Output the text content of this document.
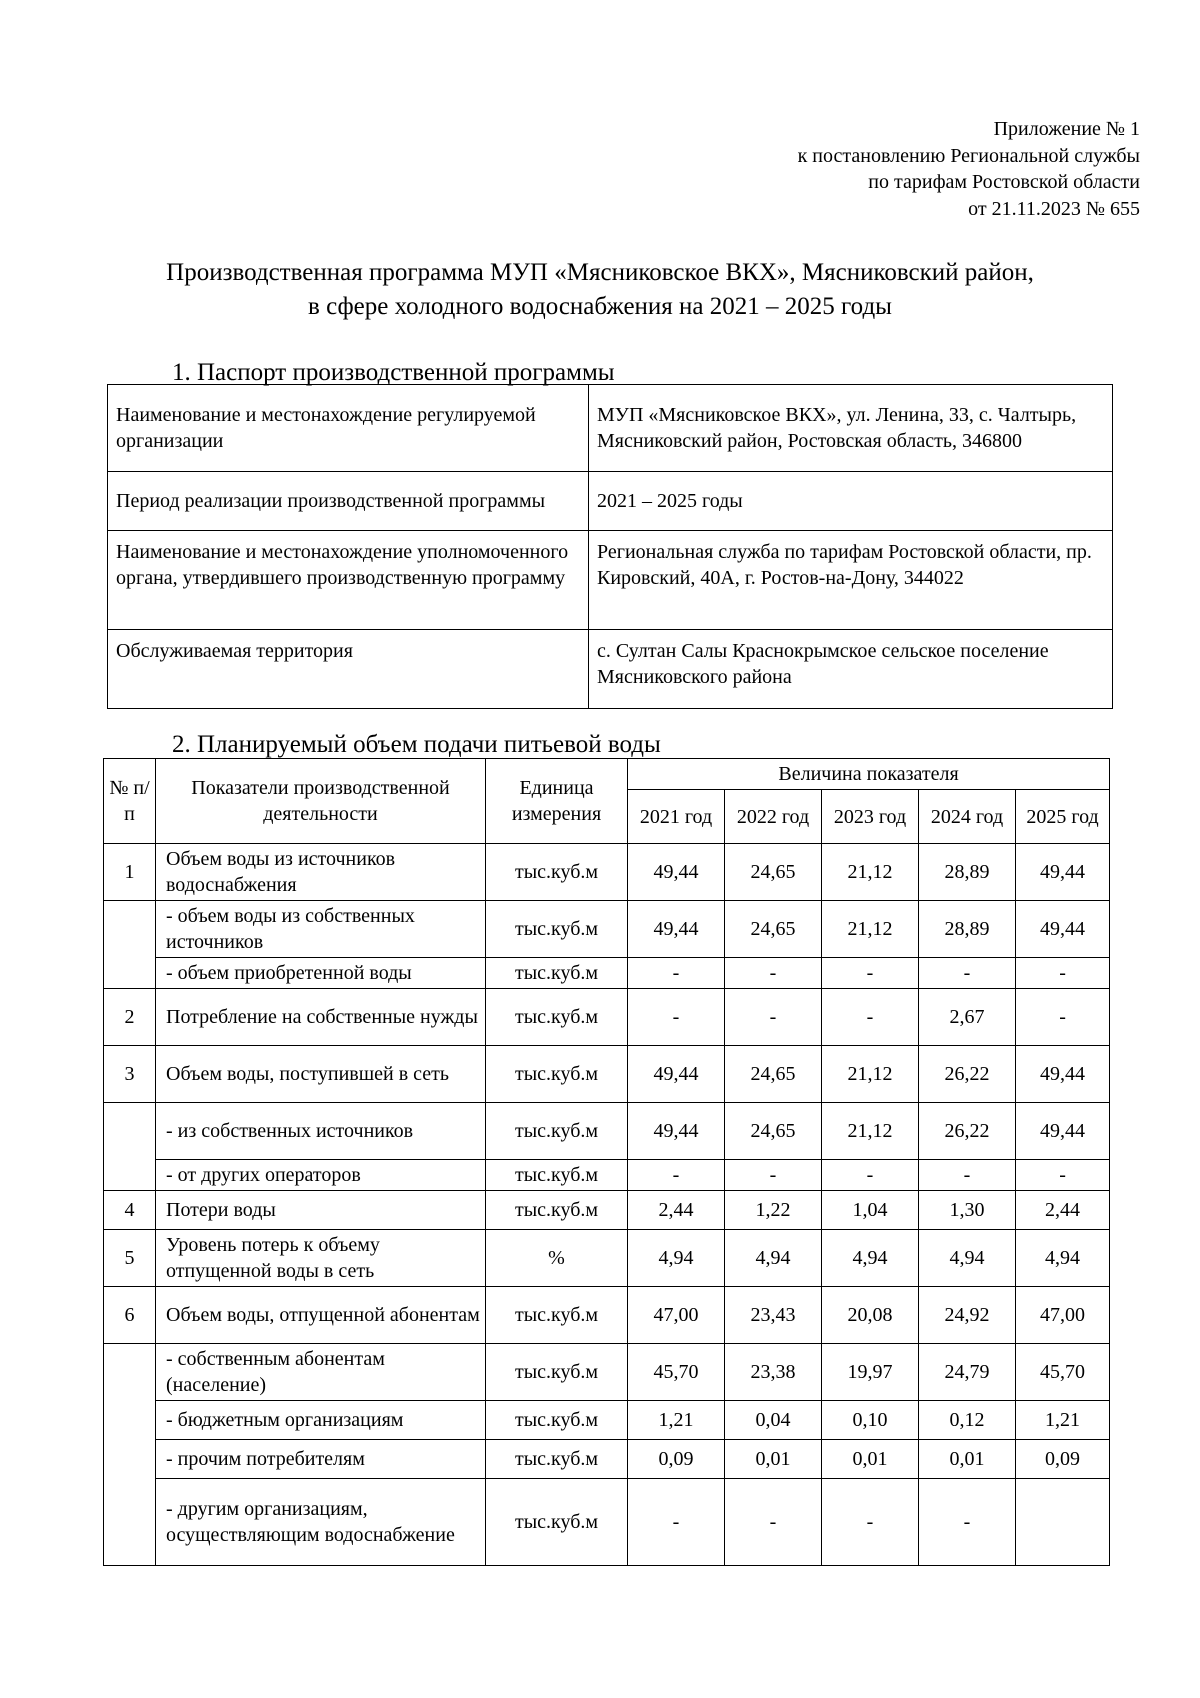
Приложение № 1
к постановлению Региональной службы
по тарифам Ростовской области
от 21.11.2023 № 655
Производственная программа МУП «Мясниковское ВКХ», Мясниковский район,
в сфере холодного водоснабжения на 2021 – 2025 годы
1. Паспорт производственной программы
Наименование и местонахождение регулируемой организации	МУП «Мясниковское ВКХ», ул. Ленина, 33, с. Чалтырь, Мясниковский район, Ростовская область, 346800
Период реализации производственной программы	2021 – 2025 годы
Наименование и местонахождение уполномоченного органа, утвердившего производственную программу	Региональная служба по тарифам Ростовской области, пр. Кировский, 40А, г. Ростов-на-Дону, 344022
Обслуживаемая территория	с. Султан Салы Краснокрымское сельское поселение Мясниковского района
2. Планируемый объем подачи питьевой воды
№ п/ п	Показатели производственной деятельности	Единица измерения	Величина показателя				
			2021 год	2022 год	2023 год	2024 год	2025 год
1	Объем воды из источников водоснабжения	тыс.куб.м	49,44	24,65	21,12	28,89	49,44
	- объем воды из собственных источников	тыс.куб.м	49,44	24,65	21,12	28,89	49,44
	- объем приобретенной воды	тыс.куб.м	-	-	-	-	-
2	Потребление на собственные нужды	тыс.куб.м	-	-	-	2,67	-
3	Объем воды, поступившей в сеть	тыс.куб.м	49,44	24,65	21,12	26,22	49,44
	- из собственных источников	тыс.куб.м	49,44	24,65	21,12	26,22	49,44
	- от других операторов	тыс.куб.м	-	-	-	-	-
4	Потери воды	тыс.куб.м	2,44	1,22	1,04	1,30	2,44
5	Уровень потерь к объему отпущенной воды в сеть	%	4,94	4,94	4,94	4,94	4,94
6	Объем воды, отпущенной абонентам	тыс.куб.м	47,00	23,43	20,08	24,92	47,00
	- собственным абонентам (население)	тыс.куб.м	45,70	23,38	19,97	24,79	45,70
	- бюджетным организациям	тыс.куб.м	1,21	0,04	0,10	0,12	1,21
	- прочим потребителям	тыс.куб.м	0,09	0,01	0,01	0,01	0,09
	- другим организациям, осуществляющим водоснабжение	тыс.куб.м	-	-	-	-	
